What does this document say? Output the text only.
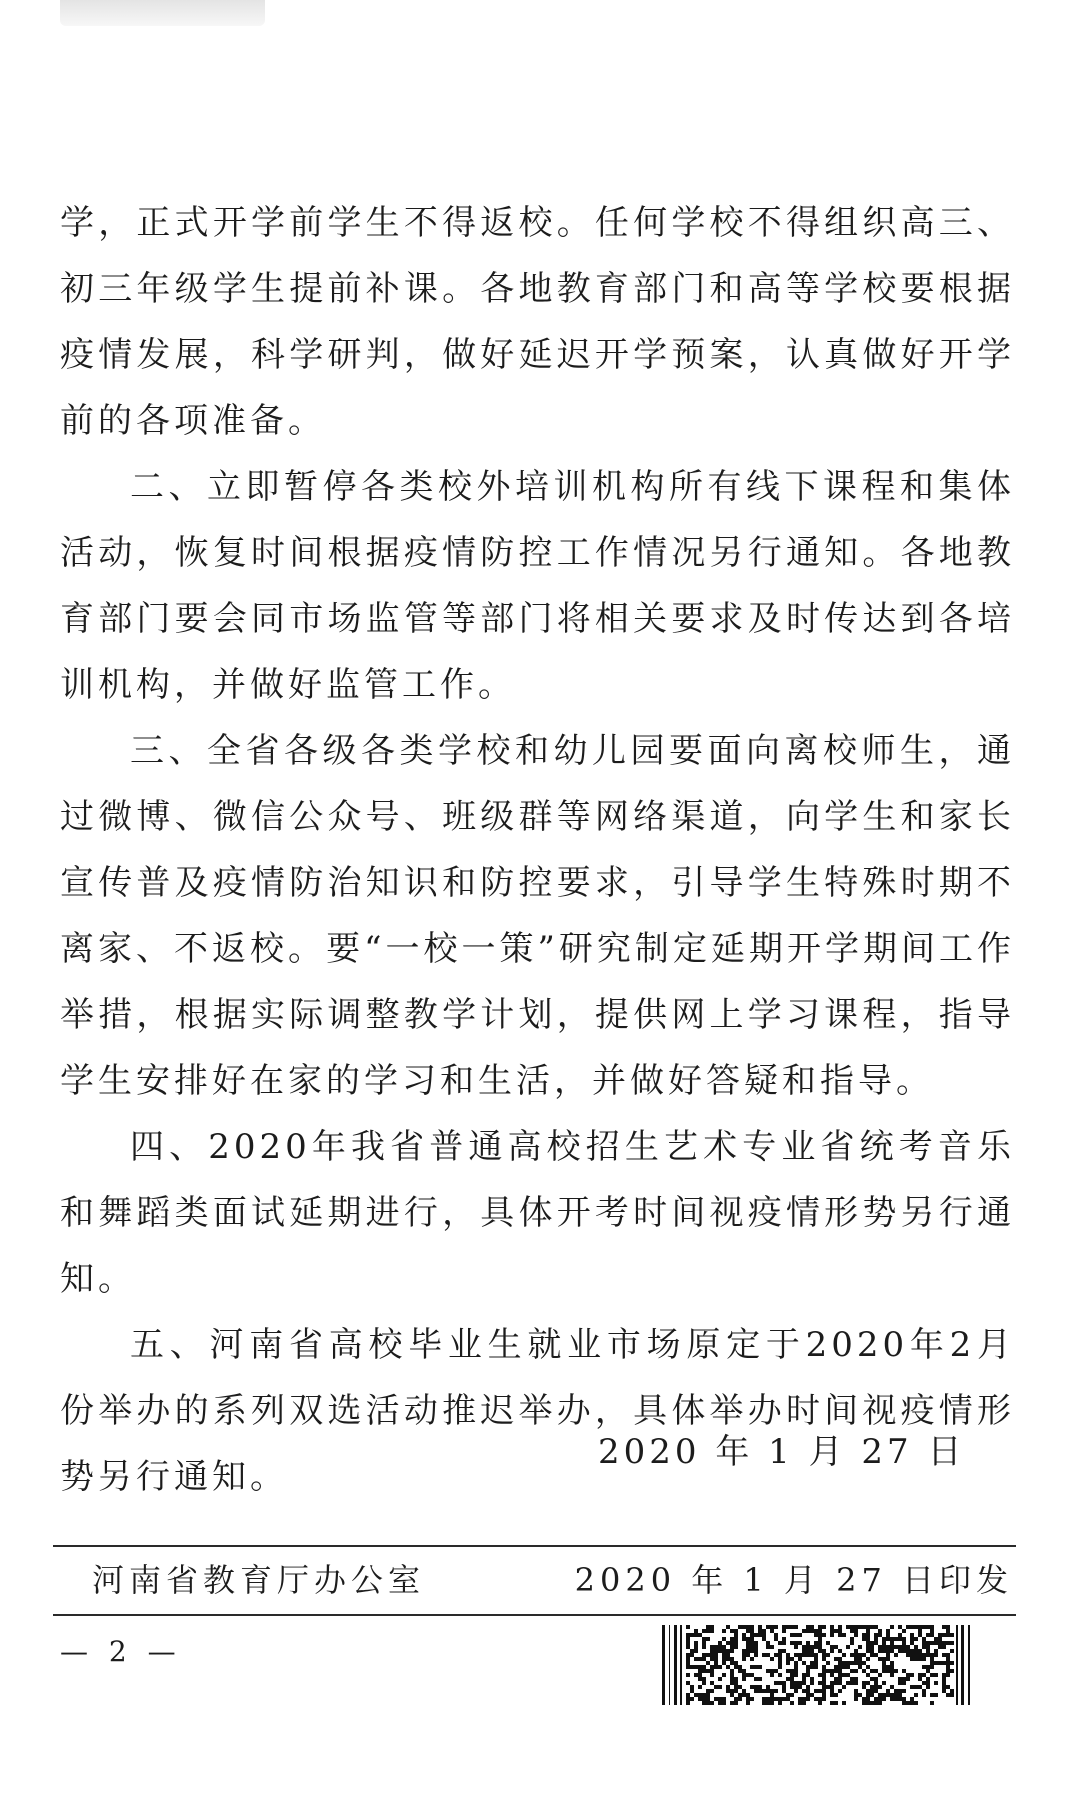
学，正式开学前学生不得返校。任何学校不得组织高三、初三年级学生提前补课。各地教育部门和高等学校要根据疫情发展，科学研判，做好延迟开学预案，认真做好开学前的各项准备。

二、立即暂停各类校外培训机构所有线下课程和集体活动，恢复时间根据疫情防控工作情况另行通知。各地教育部门要会同市场监管等部门将相关要求及时传达到各培训机构，并做好监管工作。

三、全省各级各类学校和幼儿园要面向离校师生，通过微博、微信公众号、班级群等网络渠道，向学生和家长宣传普及疫情防治知识和防控要求，引导学生特殊时期不离家、不返校。要“一校一策”研究制定延期开学期间工作举措，根据实际调整教学计划，提供网上学习课程，指导学生安排好在家的学习和生活，并做好答疑和指导。

四、2020年我省普通高校招生艺术专业省统考音乐和舞蹈类面试延期进行，具体开考时间视疫情形势另行通知。

五、河南省高校毕业生就业市场原定于2020年2月份举办的系列双选活动推迟举办，具体举办时间视疫情形势另行通知。

2020 年 1 月 27 日
河南省教育厅办公室	2020 年 1 月 27 日印发
— 2 —
